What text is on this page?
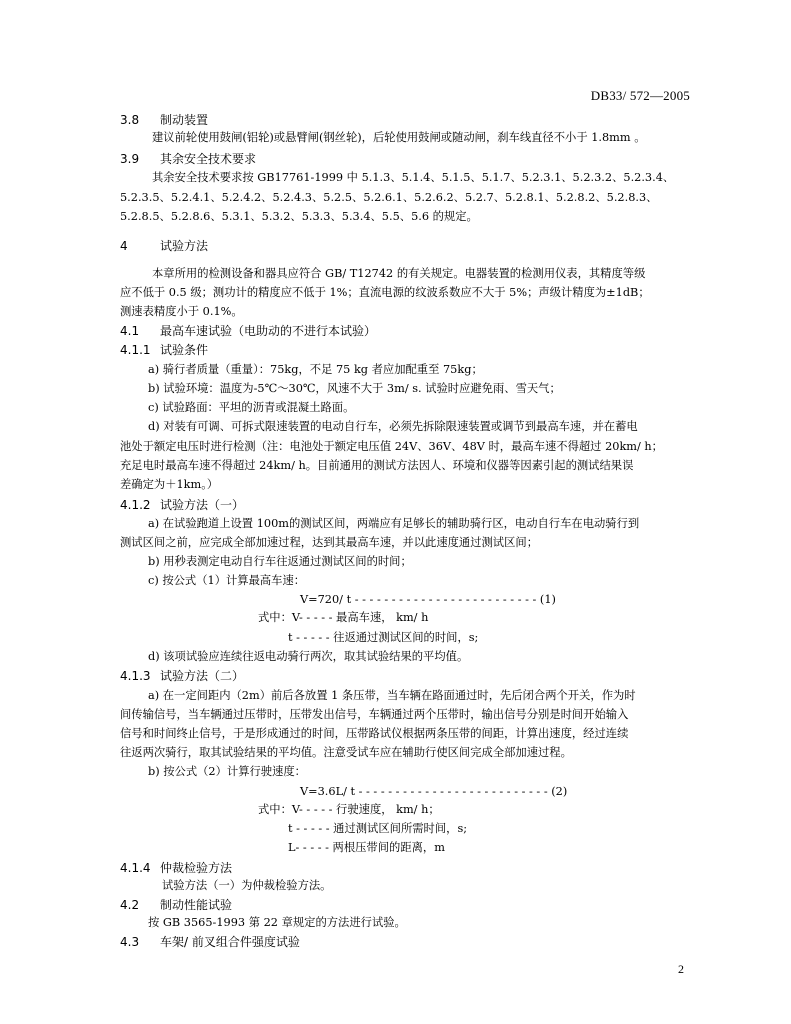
DB33/ 572—2005
3.8 制动装置
建议前轮使用鼓闸(铝轮)或悬臂闸(钢丝轮)，后轮使用鼓闸或随动闸，刹车线直径不小于 1.8mm 。
3.9 其余安全技术要求
其余安全技术要求按 GB17761-1999 中 5.1.3、5.1.4、5.1.5、5.1.7、5.2.3.1、5.2.3.2、5.2.3.4、
5.2.3.5、5.2.4.1、5.2.4.2、5.2.4.3、5.2.5、5.2.6.1、5.2.6.2、5.2.7、5.2.8.1、5.2.8.2、5.2.8.3、
5.2.8.5、5.2.8.6、5.3.1、5.3.2、5.3.3、5.3.4、5.5、5.6 的规定。
4	试验方法
本章所用的检测设备和器具应符合 GB/ T12742 的有关规定。电器装置的检测用仪表，其精度等级
应不低于 0.5 级；测功计的精度应不低于 1%；直流电源的纹波系数应不大于 5%；声级计精度为±1dB；
测速表精度小于 0.1%。
4.1 最高车速试验（电助动的不进行本试验）
4.1.1 试验条件
a) 骑行者质量（重量）：75kg，不足 75 kg 者应加配重至 75kg；
b) 试验环境：温度为-5℃～30℃，风速不大于 3m/ s. 试验时应避免雨、雪天气；
c) 试验路面：平坦的沥青或混凝土路面。
d) 对装有可调、可拆式限速装置的电动自行车，必须先拆除限速装置或调节到最高车速，并在蓄电
池处于额定电压时进行检测（注：电池处于额定电压值 24V、36V、48V 时，最高车速不得超过 20km/ h；
充足电时最高车速不得超过 24km/ h。目前通用的测试方法因人、环境和仪器等因素引起的测试结果误
差确定为＋1km。）
4.1.2 试验方法（一）
a) 在试验跑道上设置 100m的测试区间，两端应有足够长的辅助骑行区，电动自行车在电动骑行到
测试区间之前，应完成全部加速过程，达到其最高车速，并以此速度通过测试区间；
b) 用秒表测定电动自行车往返通过测试区间的时间；
c) 按公式（1）计算最高车速：
V=720/ t - - - - - - - - - - - - - - - - - - - - - - - - - (1)
式中：V- - - - - 最高车速， km/ h
t - - - - - 往返通过测试区间的时间，s;
d) 该项试验应连续往返电动骑行两次，取其试验结果的平均值。
4.1.3 试验方法（二）
a) 在一定间距内（2m）前后各放置 1 条压带，当车辆在路面通过时，先后闭合两个开关，作为时
间传输信号，当车辆通过压带时，压带发出信号，车辆通过两个压带时，输出信号分别是时间开始输入
信号和时间终止信号，于是形成通过的时间，压带路试仪根据两条压带的间距，计算出速度，经过连续
往返两次骑行，取其试验结果的平均值。注意受试车应在辅助行使区间完成全部加速过程。
b) 按公式（2）计算行驶速度：
V=3.6L/ t - - - - - - - - - - - - - - - - - - - - - - - - - - (2)
式中：V- - - - - 行驶速度， km/ h；
t - - - - - 通过测试区间所需时间，s;
L- - - - - 两根压带间的距离，m
4.1.4 仲裁检验方法
试验方法（一）为仲裁检验方法。
4.2 制动性能试验
按 GB 3565-1993 第 22 章规定的方法进行试验。
4.3 车架/ 前叉组合件强度试验
2
